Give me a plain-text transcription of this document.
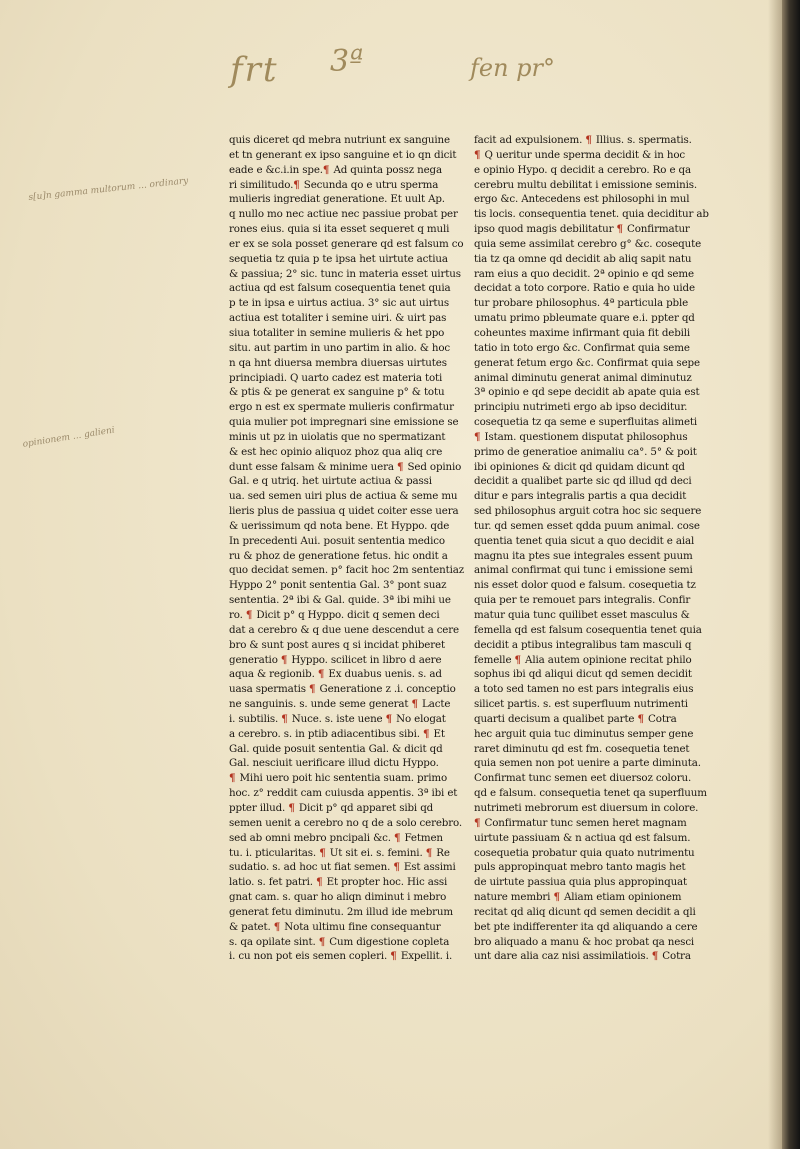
frt 3ª	fen pr°
s[u]n gamma multorum ... ordinary
opinionem ... galieni
quis diceret qd mebra nutriunt ex sanguine
et tn generant ex ipso sanguine et io qn dicit
eade e &c.i.in spe.¶ Ad quinta possz nega
ri similitudo.¶ Secunda qo e utru sperma
mulieris ingrediat generatione. Et uult Ap.
q nullo mo nec actiue nec passiue probat per
rones eius. quia si ita esset sequeret q muli
er ex se sola posset generare qd est falsum co
sequetia tz quia p te ipsa het uirtute actiua
& passiua; 2° sic. tunc in materia esset uirtus
actiua qd est falsum cosequentia tenet quia
p te in ipsa e uirtus actiua. 3° sic aut uirtus
actiua est totaliter i semine uiri. & uirt pas
siua totaliter in semine mulieris & het ppo
situ. aut partim in uno partim in alio. & hoc
n qa hnt diuersa membra diuersas uirtutes
principiadi. Q uarto cadez est materia toti
& ptis & pe generat ex sanguine p° & totu
ergo n est ex spermate mulieris confirmatur
quia mulier pot impregnari sine emissione se
minis ut pz in uiolatis que no spermatizant
& est hec opinio aliquoz phoz qua aliq cre
dunt esse falsam & minime uera ¶ Sed opinio
Gal. e q utriq. het uirtute actiua & passi
ua. sed semen uiri plus de actiua & seme mu
lieris plus de passiua q uidet coiter esse uera
& uerissimum qd nota bene. Et Hyppo. qde
In precedenti Aui. posuit sententia medico
ru & phoz de generatione fetus. hic ondit a
quo decidat semen. p° facit hoc 2m sententiaz
Hyppo 2° ponit sententia Gal. 3° pont suaz
sententia. 2ª ibi & Gal. quide. 3ª ibi mihi ue
ro. ¶ Dicit p° q Hyppo. dicit q semen deci
dat a cerebro & q due uene descendut a cere
bro & sunt post aures q si incidat phiberet
generatio ¶ Hyppo. scilicet in libro d aere
aqua & regionib. ¶ Ex duabus uenis. s. ad
uasa spermatis ¶ Generatione z .i. conceptio
ne sanguinis. s. unde seme generat ¶ Lacte
i. subtilis. ¶ Nuce. s. iste uene ¶ No elogat
a cerebro. s. in ptib adiacentibus sibi. ¶ Et
Gal. quide posuit sententia Gal. & dicit qd
Gal. nesciuit uerificare illud dictu Hyppo.
¶ Mihi uero poit hic sententia suam. primo
hoc. z° reddit cam cuiusda appentis. 3ª ibi et
ppter illud. ¶ Dicit p° qd apparet sibi qd
semen uenit a cerebro no q de a solo cerebro.
sed ab omni mebro pncipali &c. ¶ Fetmen
tu. i. pticularitas. ¶ Ut sit ei. s. femini. ¶ Re
sudatio. s. ad hoc ut fiat semen. ¶ Est assimi
latio. s. fet patri. ¶ Et propter hoc. Hic assi
gnat cam. s. quar ho aliqn diminut i mebro
generat fetu diminutu. 2m illud ide mebrum
& patet. ¶ Nota ultimu fine consequantur
s. qa opilate sint. ¶ Cum digestione copleta
i. cu non pot eis semen copleri. ¶ Expellit. i.
facit ad expulsionem. ¶ Illius. s. spermatis.
¶ Q ueritur unde sperma decidit & in hoc
e opinio Hypo. q decidit a cerebro. Ro e qa
cerebru multu debilitat i emissione seminis.
ergo &c. Antecedens est philosophi in mul
tis locis. consequentia tenet. quia deciditur ab
ipso quod magis debilitatur ¶ Confirmatur
quia seme assimilat cerebro g° &c. cosequte
tia tz qa omne qd decidit ab aliq sapit natu
ram eius a quo decidit. 2ª opinio e qd seme
decidat a toto corpore. Ratio e quia ho uide
tur probare philosophus. 4ª particula pble
umatu primo pbleumate quare e.i. ppter qd
coheuntes maxime infirmant quia fit debili
tatio in toto ergo &c. Confirmat quia seme
generat fetum ergo &c. Confirmat quia sepe
animal diminutu generat animal diminutuz
3ª opinio e qd sepe decidit ab apate quia est
principiu nutrimeti ergo ab ipso deciditur.
cosequetia tz qa seme e superfluitas alimeti
¶ Istam. questionem disputat philosophus
primo de generatioe animaliu ca°. 5° & poit
ibi opiniones & dicit qd quidam dicunt qd
decidit a qualibet parte sic qd illud qd deci
ditur e pars integralis partis a qua decidit
sed philosophus arguit cotra hoc sic sequere
tur. qd semen esset qdda puum animal. cose
quentia tenet quia sicut a quo decidit e aial
magnu ita ptes sue integrales essent puum
animal confirmat qui tunc i emissione semi
nis esset dolor quod e falsum. cosequetia tz
quia per te remouet pars integralis. Confir
matur quia tunc quilibet esset masculus &
femella qd est falsum cosequentia tenet quia
decidit a ptibus integralibus tam masculi q
femelle ¶ Alia autem opinione recitat philo
sophus ibi qd aliqui dicut qd semen decidit
a toto sed tamen no est pars integralis eius
silicet partis. s. est superfluum nutrimenti
quarti decisum a qualibet parte ¶ Cotra
hec arguit quia tuc diminutus semper gene
raret diminutu qd est fm. cosequetia tenet
quia semen non pot uenire a parte diminuta.
Confirmat tunc semen eet diuersoz coloru.
qd e falsum. consequetia tenet qa superfluum
nutrimeti mebrorum est diuersum in colore.
¶ Confirmatur tunc semen heret magnam
uirtute passiuam & n actiua qd est falsum.
cosequetia probatur quia quato nutrimentu
puls appropinquat mebro tanto magis het
de uirtute passiua quia plus appropinquat
nature membri ¶ Aliam etiam opinionem
recitat qd aliq dicunt qd semen decidit a qli
bet pte indifferenter ita qd aliquando a cere
bro aliquado a manu & hoc probat qa nesci
unt dare alia caz nisi assimilatiois. ¶ Cotra
